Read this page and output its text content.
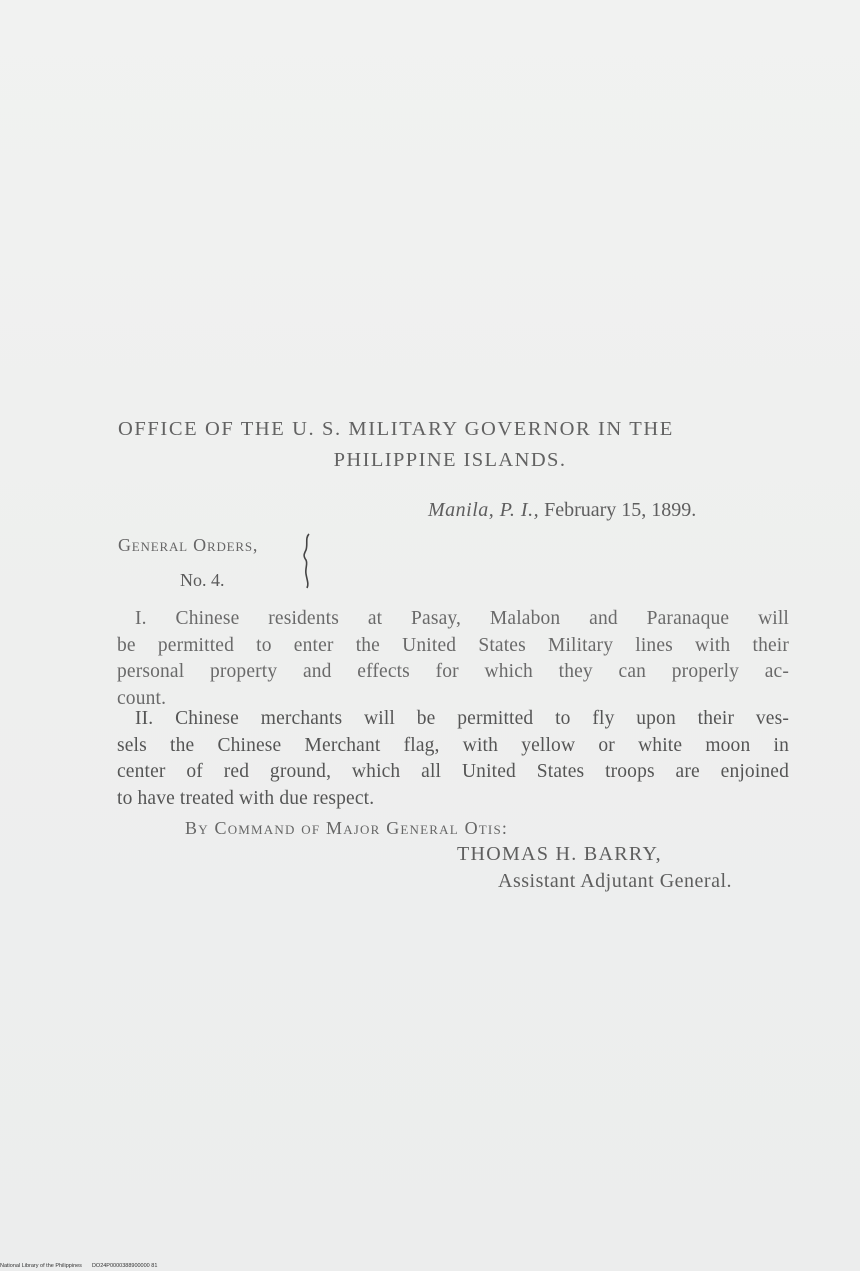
OFFICE OF THE U. S. MILITARY GOVERNOR IN THE
PHILIPPINE ISLANDS.
Manila, P. I., February 15, 1899.
General Orders,
No. 4.
I. Chinese residents at Pasay, Malabon and Paranaque will
be permitted to enter the United States Military lines with their
personal property and effects for which they can properly ac-
count.
II. Chinese merchants will be permitted to fly upon their ves-
sels the Chinese Merchant flag, with yellow or white moon in
center of red ground, which all United States troops are enjoined
to have treated with due respect.
By Command of Major General Otis:
THOMAS H. BARRY,
Assistant Adjutant General.
National Library of the Philippines DO24P0000388900000 81
